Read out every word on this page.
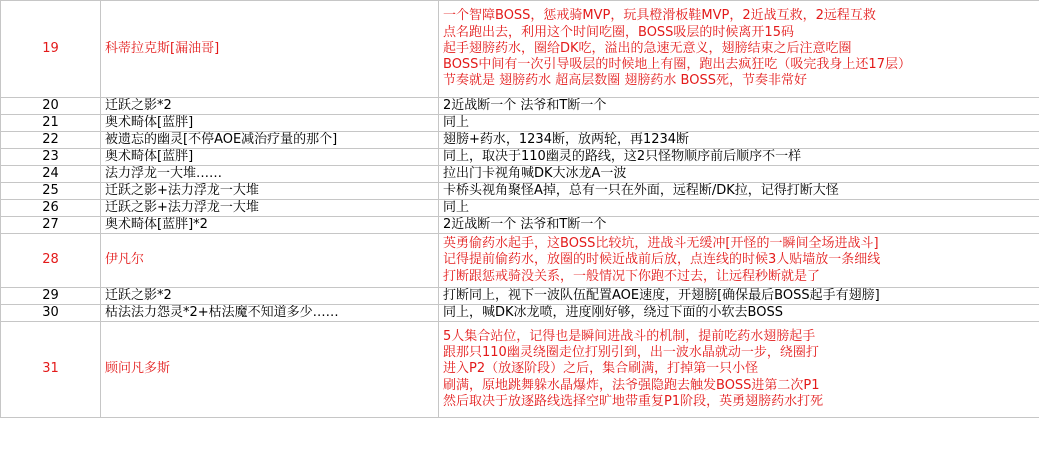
19	科蒂拉克斯[漏油哥]	一个智障BOSS，惩戒骑MVP，玩具橙滑板鞋MVP，2近战互救，2远程互救
点名跑出去，利用这个时间吃圈，BOSS吸层的时候离开15码
起手翅膀药水，圈给DK吃，溢出的急速无意义，翅膀结束之后注意吃圈
BOSS中间有一次引导吸层的时候地上有圈，跑出去疯狂吃（吸完我身上还17层）
节奏就是 翅膀药水 超高层数圈 翅膀药水 BOSS死，节奏非常好

20	迁跃之影*2	2近战断一个 法爷和T断一个

21	奥术畸体[蓝胖]	同上

22	被遗忘的幽灵[不停AOE减治疗量的那个]	翅膀+药水，1234断，放两轮，再1234断

23	奥术畸体[蓝胖]	同上，取决于110幽灵的路线，这2只怪物顺序前后顺序不一样

24	法力浮龙一大堆……	拉出门卡视角喊DK大冰龙A一波

25	迁跃之影+法力浮龙一大堆	卡桥头视角聚怪A掉，总有一只在外面，远程断/DK拉，记得打断大怪

26	迁跃之影+法力浮龙一大堆	同上

27	奥术畸体[蓝胖]*2	2近战断一个 法爷和T断一个

28	伊凡尔	英勇偷药水起手，这BOSS比较坑，进战斗无缓冲[开怪的一瞬间全场进战斗]
记得提前偷药水，放圈的时候近战前后放，点连线的时候3人贴墙放一条细线
打断跟惩戒骑没关系，一般情况下你跑不过去，让远程秒断就是了

29	迁跃之影*2	打断同上，视下一波队伍配置AOE速度，开翅膀[确保最后BOSS起手有翅膀]

30	枯法法力怨灵*2+枯法魔不知道多少……	同上，喊DK冰龙喷，进度刚好够，绕过下面的小软去BOSS

31	顾问凡多斯	5人集合站位，记得也是瞬间进战斗的机制，提前吃药水翅膀起手
跟那只110幽灵绕圈走位打别引到，出一波水晶就动一步，绕圈打
进入P2（放逐阶段）之后，集合刷满，打掉第一只小怪
刷满，原地跳舞躲水晶爆炸，法爷强隐跑去触发BOSS进第二次P1
然后取决于放逐路线选择空旷地带重复P1阶段，英勇翅膀药水打死
